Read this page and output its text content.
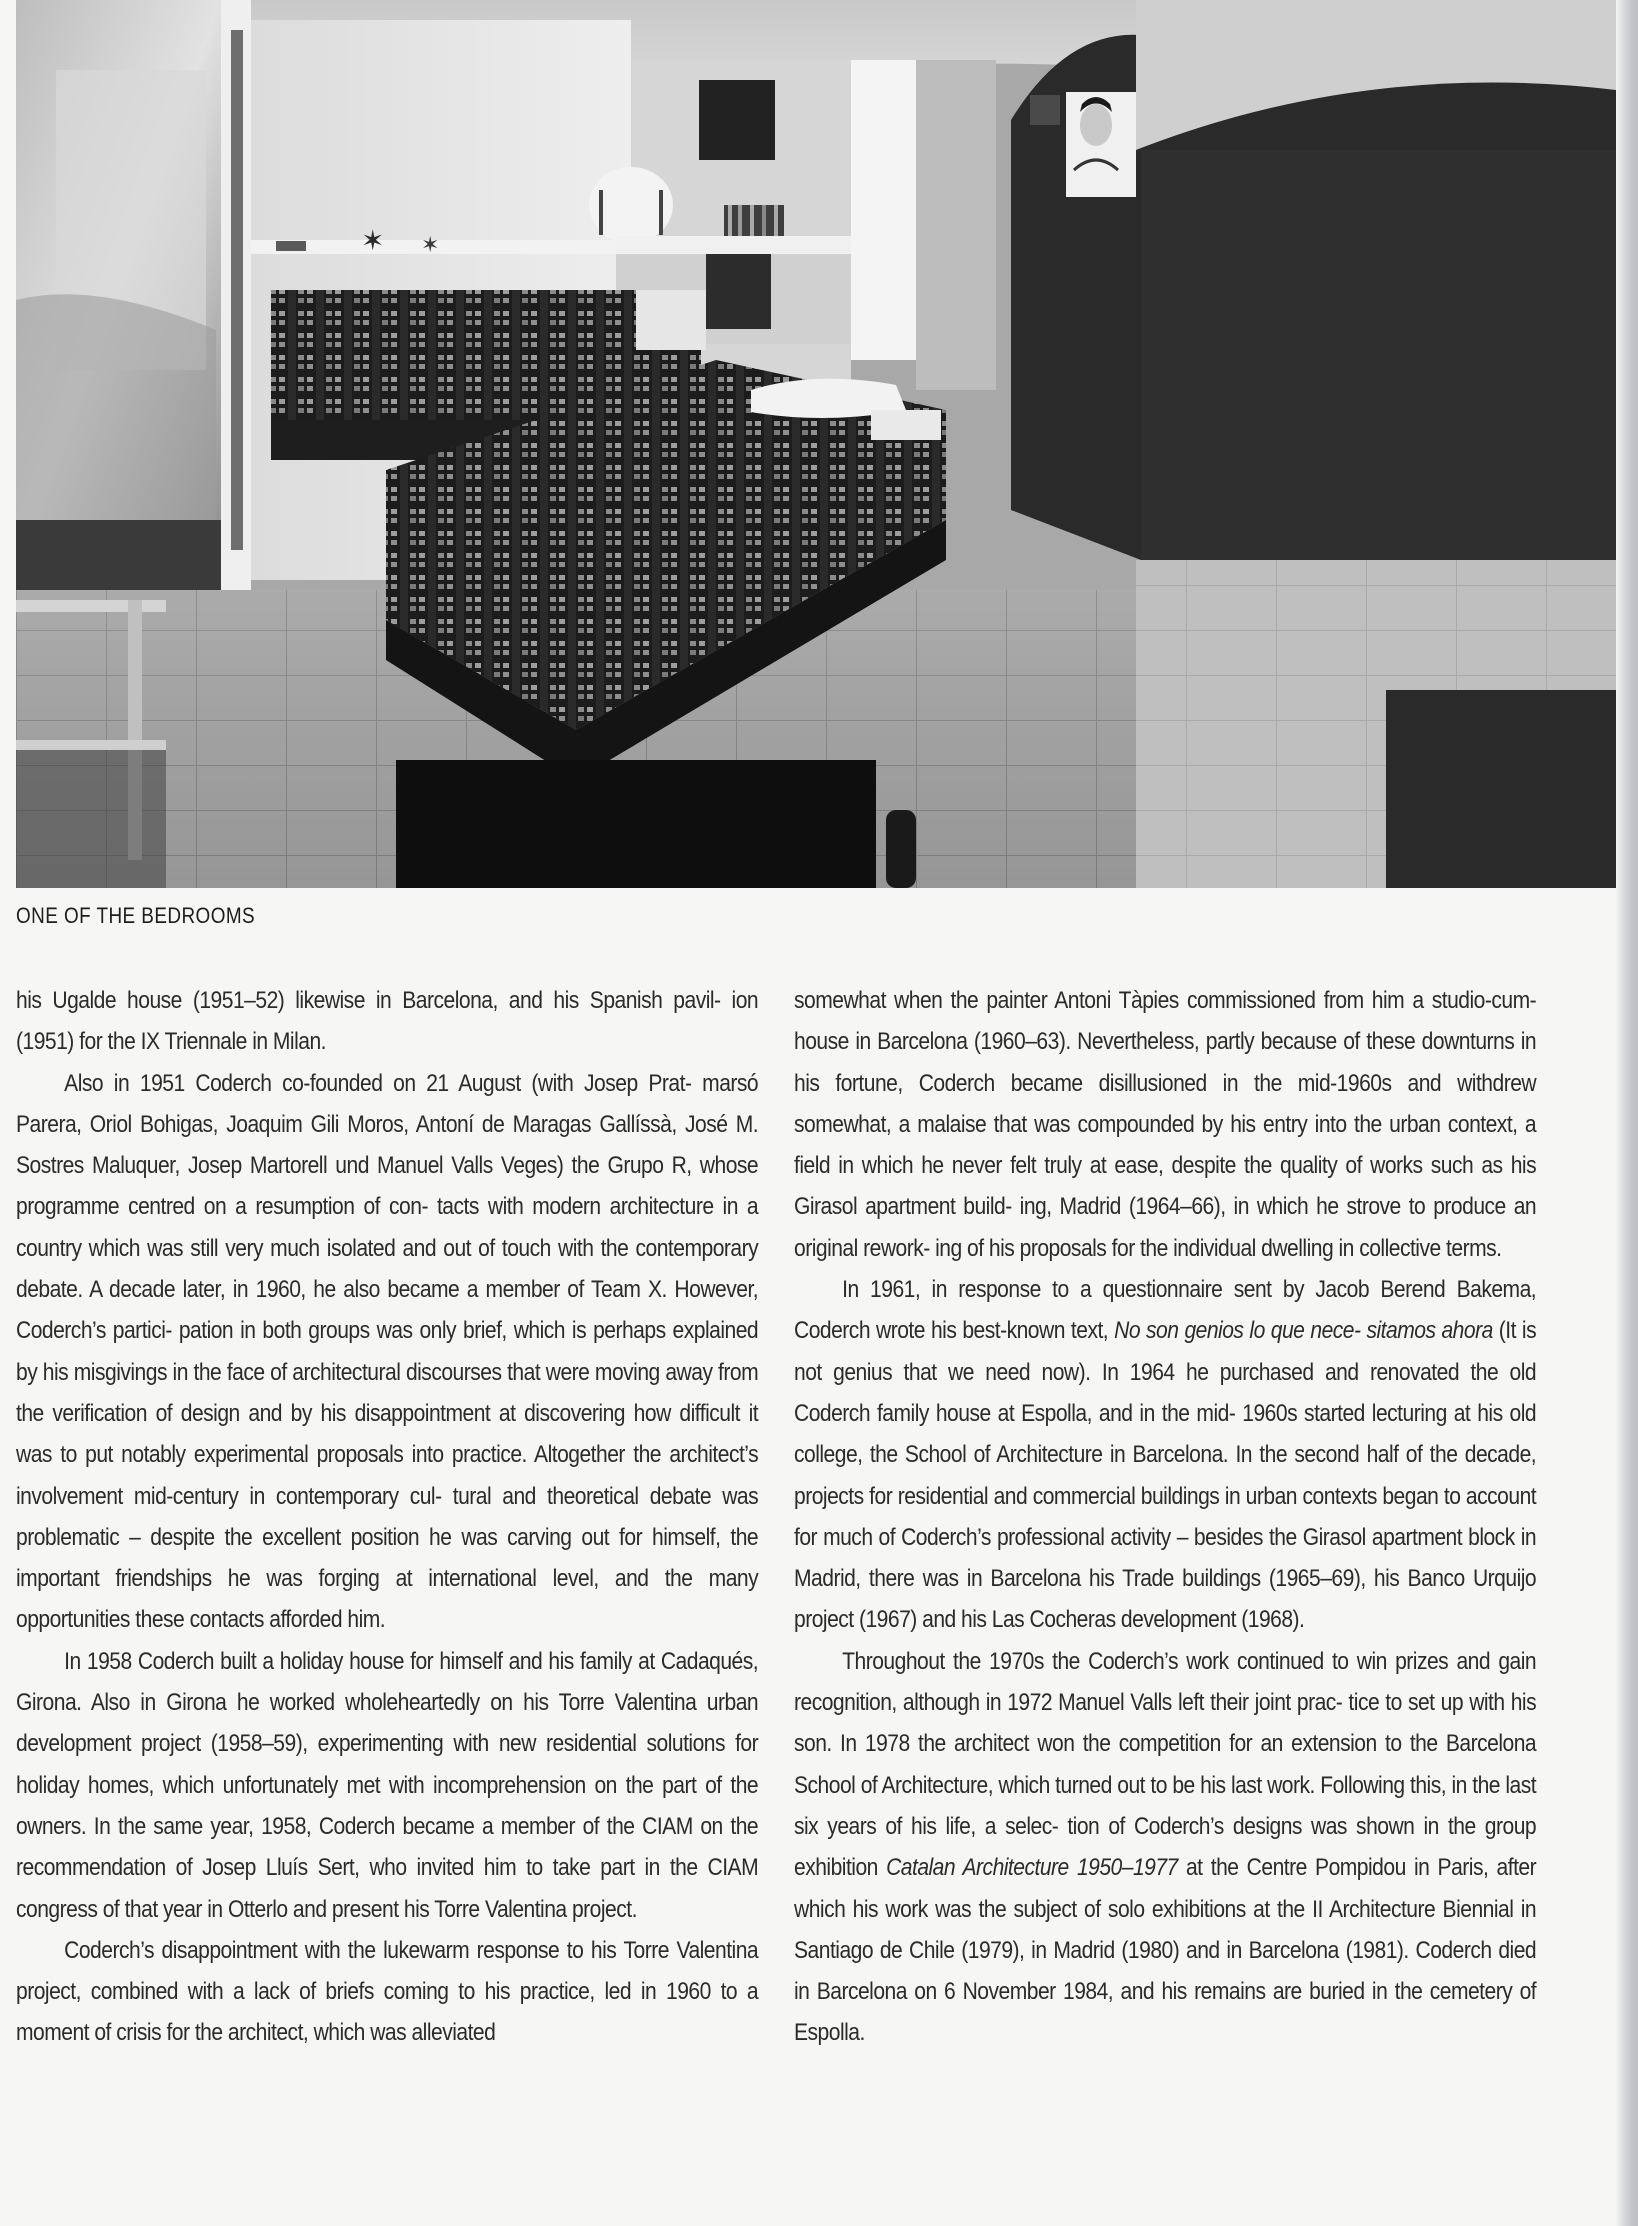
✶ ✶
ONE OF THE BEDROOMS

his Ugalde house (1951–52) likewise in Barcelona, and his Spanish pavil- ion (1951) for the IX Triennale in Milan.

Also in 1951 Coderch co-founded on 21 August (with Josep Prat- marsó Parera, Oriol Bohigas, Joaquim Gili Moros, Antoní de Maragas Gallíssà, José M. Sostres Maluquer, Josep Martorell und Manuel Valls Veges) the Grupo R, whose programme centred on a resumption of con- tacts with modern architecture in a country which was still very much isolated and out of touch with the contemporary debate. A decade later, in 1960, he also became a member of Team X. However, Coderch’s partici- pation in both groups was only brief, which is perhaps explained by his misgivings in the face of architectural discourses that were moving away from the verification of design and by his disappointment at discovering how difficult it was to put notably experimental proposals into practice. Altogether the architect’s involvement mid-century in contemporary cul- tural and theoretical debate was problematic – despite the excellent position he was carving out for himself, the important friendships he was forging at international level, and the many opportunities these contacts afforded him.

In 1958 Coderch built a holiday house for himself and his family at Cadaqués, Girona. Also in Girona he worked wholeheartedly on his Torre Valentina urban development project (1958–59), experimenting with new residential solutions for holiday homes, which unfortunately met with incomprehension on the part of the owners. In the same year, 1958, Coderch became a member of the CIAM on the recommendation of Josep Lluís Sert, who invited him to take part in the CIAM congress of that year in Otterlo and present his Torre Valentina project.

Coderch’s disappointment with the lukewarm response to his Torre Valentina project, combined with a lack of briefs coming to his practice, led in 1960 to a moment of crisis for the architect, which was alleviated

somewhat when the painter Antoni Tàpies commissioned from him a studio-cum-house in Barcelona (1960–63). Nevertheless, partly because of these downturns in his fortune, Coderch became disillusioned in the mid-1960s and withdrew somewhat, a malaise that was compounded by his entry into the urban context, a field in which he never felt truly at ease, despite the quality of works such as his Girasol apartment build- ing, Madrid (1964–66), in which he strove to produce an original rework- ing of his proposals for the individual dwelling in collective terms.

In 1961, in response to a questionnaire sent by Jacob Berend Bakema, Coderch wrote his best-known text, No son genios lo que nece- sitamos ahora (It is not genius that we need now). In 1964 he purchased and renovated the old Coderch family house at Espolla, and in the mid- 1960s started lecturing at his old college, the School of Architecture in Barcelona. In the second half of the decade, projects for residential and commercial buildings in urban contexts began to account for much of Coderch’s professional activity – besides the Girasol apartment block in Madrid, there was in Barcelona his Trade buildings (1965–69), his Banco Urquijo project (1967) and his Las Cocheras development (1968).

Throughout the 1970s the Coderch’s work continued to win prizes and gain recognition, although in 1972 Manuel Valls left their joint prac- tice to set up with his son. In 1978 the architect won the competition for an extension to the Barcelona School of Architecture, which turned out to be his last work. Following this, in the last six years of his life, a selec- tion of Coderch’s designs was shown in the group exhibition Catalan Architecture 1950–1977 at the Centre Pompidou in Paris, after which his work was the subject of solo exhibitions at the II Architecture Biennial in Santiago de Chile (1979), in Madrid (1980) and in Barcelona (1981). Coderch died in Barcelona on 6 November 1984, and his remains are buried in the cemetery of Espolla.
